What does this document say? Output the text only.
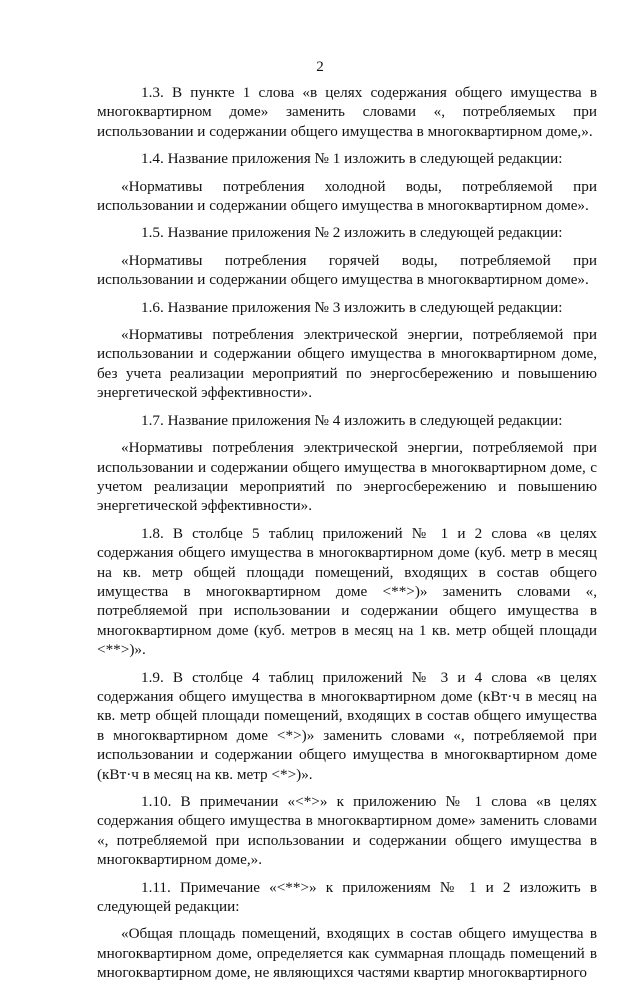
2

1.3. В пункте 1 слова «в целях содержания общего имущества в многоквартирном доме» заменить словами «, потребляемых при использовании и содержании общего имущества в многоквартирном доме,».

1.4. Название приложения № 1 изложить в следующей редакции:

«Нормативы потребления холодной воды, потребляемой при использовании и содержании общего имущества в многоквартирном доме».

1.5. Название приложения № 2 изложить в следующей редакции:

«Нормативы потребления горячей воды, потребляемой при использовании и содержании общего имущества в многоквартирном доме».

1.6. Название приложения № 3 изложить в следующей редакции:

«Нормативы потребления электрической энергии, потребляемой при использовании и содержании общего имущества в многоквартирном доме, без учета реализации мероприятий по энергосбережению и повышению энергетической эффективности».

1.7. Название приложения № 4 изложить в следующей редакции:

«Нормативы потребления электрической энергии, потребляемой при использовании и содержании общего имущества в многоквартирном доме, с учетом реализации мероприятий по энергосбережению и повышению энергетической эффективности».

1.8. В столбце 5 таблиц приложений № 1 и 2 слова «в целях содержания общего имущества в многоквартирном доме (куб. метр в месяц на кв. метр общей площади помещений, входящих в состав общего имущества в многоквартирном доме <**>)» заменить словами «, потребляемой при использовании и содержании общего имущества в многоквартирном доме (куб. метров в месяц на 1 кв. метр общей площади <**>)».

1.9. В столбце 4 таблиц приложений № 3 и 4 слова «в целях содержания общего имущества в многоквартирном доме (кВт·ч в месяц на кв. метр общей площади помещений, входящих в состав общего имущества в многоквартирном доме <*>)» заменить словами «, потребляемой при использовании и содержании общего имущества в многоквартирном доме (кВт·ч в месяц на кв. метр <*>)».

1.10. В примечании «<*>» к приложению № 1 слова «в целях содержания общего имущества в многоквартирном доме» заменить словами «, потребляемой при использовании и содержании общего имущества в многоквартирном доме,».

1.11. Примечание «<**>» к приложениям № 1 и 2 изложить в следующей редакции:

«Общая площадь помещений, входящих в состав общего имущества в многоквартирном доме, определяется как суммарная площадь помещений в многоквартирном доме, не являющихся частями квартир многоквартирного
